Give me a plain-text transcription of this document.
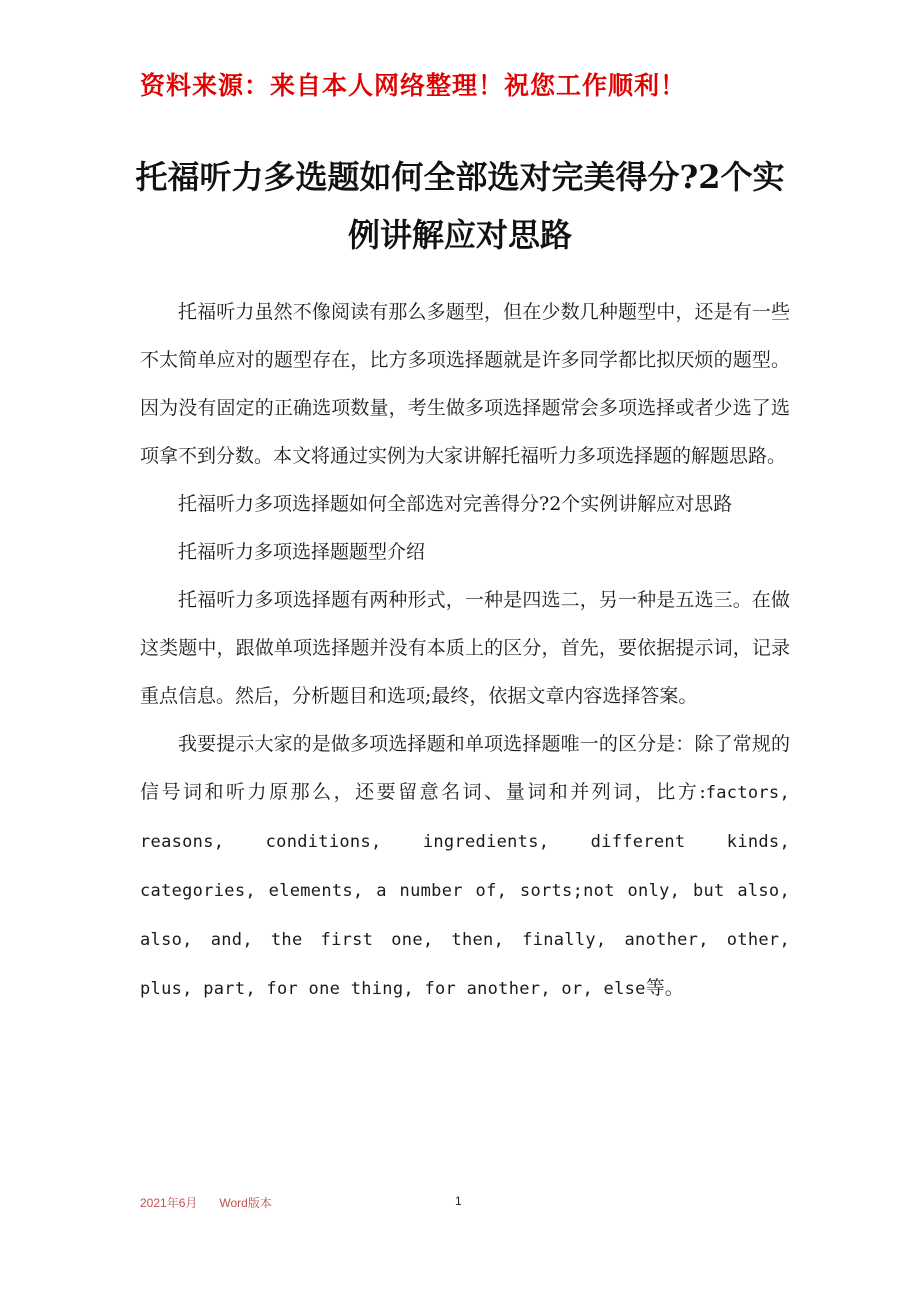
资料来源：来自本人网络整理！祝您工作顺利！
托福听力多选题如何全部选对完美得分?2个实例讲解应对思路

托福听力虽然不像阅读有那么多题型，但在少数几种题型中，还是有一些不太简单应对的题型存在，比方多项选择题就是许多同学都比拟厌烦的题型。因为没有固定的正确选项数量，考生做多项选择题常会多项选择或者少选了选项拿不到分数。本文将通过实例为大家讲解托福听力多项选择题的解题思路。

托福听力多项选择题如何全部选对完善得分?2个实例讲解应对思路

托福听力多项选择题题型介绍

托福听力多项选择题有两种形式，一种是四选二，另一种是五选三。在做这类题中，跟做单项选择题并没有本质上的区分，首先，要依据提示词，记录重点信息。然后，分析题目和选项;最终，依据文章内容选择答案。

我要提示大家的是做多项选择题和单项选择题唯一的区分是：除了常规的信号词和听力原那么，还要留意名词、量词和并列词，比方:factors, reasons, conditions, ingredients, different kinds, categories, elements, a number of, sorts;not only, but also, also, and, the first one, then, finally, another, other, plus, part, for one thing, for another, or, else等。

2021年6月 Word版本	1
